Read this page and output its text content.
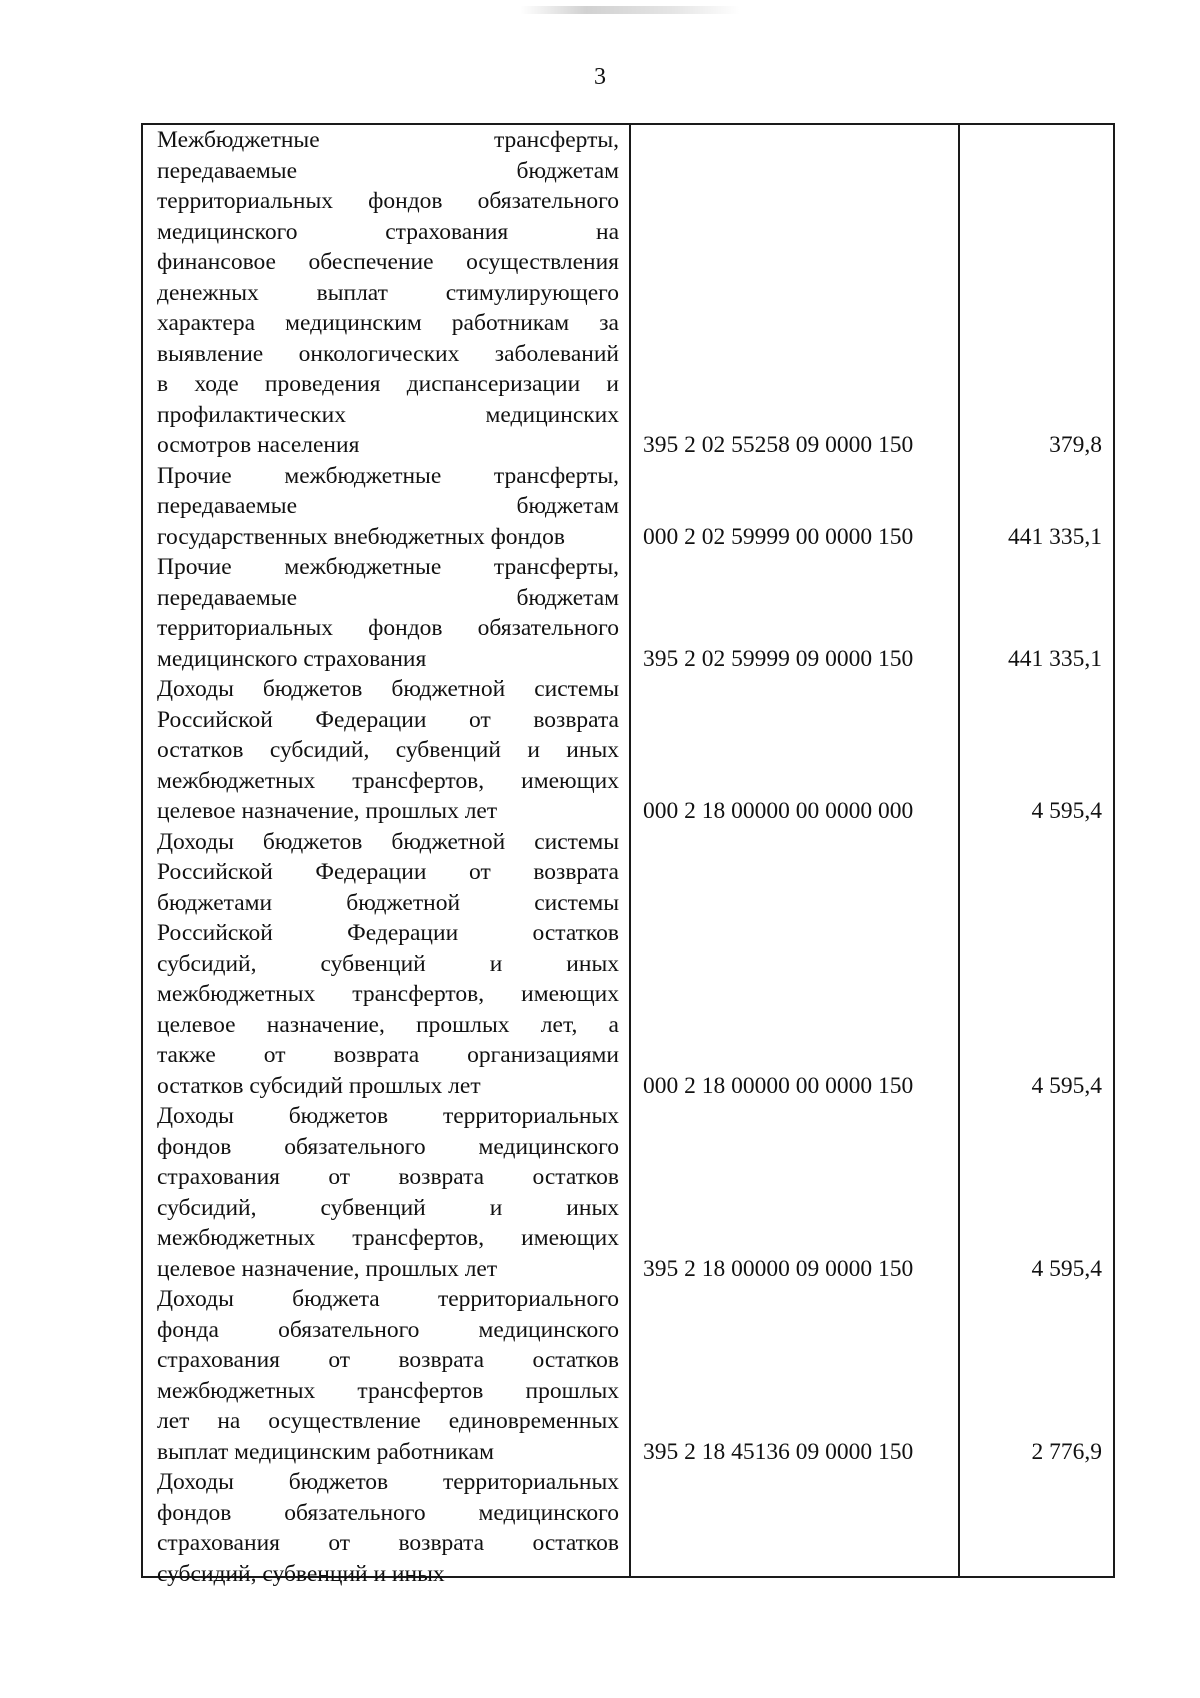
3
Межбюджетные трансферты,
передаваемые бюджетам
территориальных фондов обязательного
медицинского страхования на
финансовое обеспечение осуществления
денежных выплат стимулирующего
характера медицинским работникам за
выявление онкологических заболеваний
в ходе проведения диспансеризации и
профилактических медицинских
осмотров населения	395 2 02 55258 09 0000 150	379,8
Прочие межбюджетные трансферты,
передаваемые бюджетам
государственных внебюджетных фондов	000 2 02 59999 00 0000 150	441 335,1
Прочие межбюджетные трансферты,
передаваемые бюджетам
территориальных фондов обязательного
медицинского страхования	395 2 02 59999 09 0000 150	441 335,1
Доходы бюджетов бюджетной системы
Российской Федерации от возврата
остатков субсидий, субвенций и иных
межбюджетных трансфертов, имеющих
целевое назначение, прошлых лет	000 2 18 00000 00 0000 000	4 595,4
Доходы бюджетов бюджетной системы
Российской Федерации от возврата
бюджетами бюджетной системы
Российской Федерации остатков
субсидий, субвенций и иных
межбюджетных трансфертов, имеющих
целевое назначение, прошлых лет, а
также от возврата организациями
остатков субсидий прошлых лет	000 2 18 00000 00 0000 150	4 595,4
Доходы бюджетов территориальных
фондов обязательного медицинского
страхования от возврата остатков
субсидий, субвенций и иных
межбюджетных трансфертов, имеющих
целевое назначение, прошлых лет	395 2 18 00000 09 0000 150	4 595,4
Доходы бюджета территориального
фонда обязательного медицинского
страхования от возврата остатков
межбюджетных трансфертов прошлых
лет на осуществление единовременных
выплат медицинским работникам	395 2 18 45136 09 0000 150	2 776,9
Доходы бюджетов территориальных
фондов обязательного медицинского
страхования от возврата остатков
субсидий, субвенций и иных
